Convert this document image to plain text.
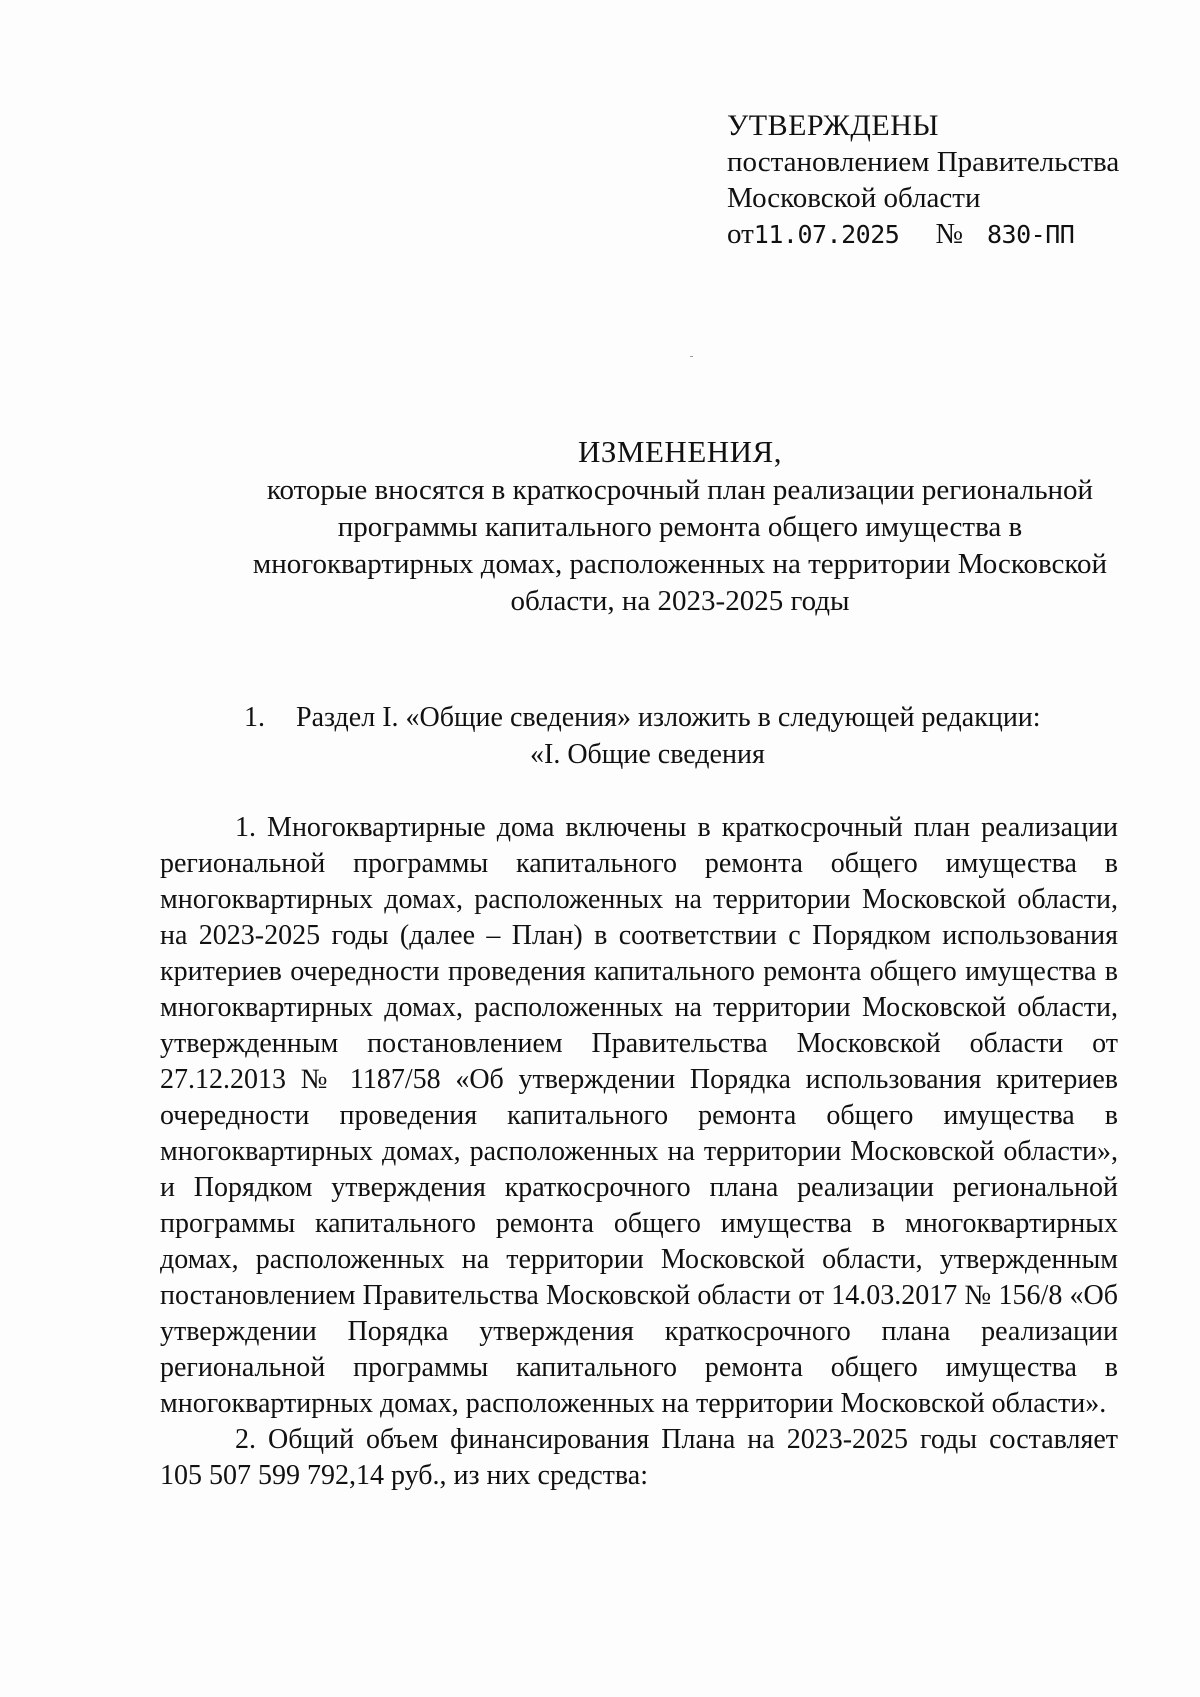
УТВЕРЖДЕНЫ
постановлением Правительства
Московской области
от11.07.2025 № 830-ПП
ИЗМЕНЕНИЯ,
которые вносятся в краткосрочный план реализации региональной
программы капитального ремонта общего имущества в
многоквартирных домах, расположенных на территории Московской
области, на 2023-2025 годы
1. Раздел I. «Общие сведения» изложить в следующей редакции:
«I. Общие сведения

1. Многоквартирные дома включены в краткосрочный план реализации региональной программы капитального ремонта общего имущества в многоквартирных домах, расположенных на территории Московской области, на 2023-2025 годы (далее – План) в соответствии с Порядком использования критериев очередности проведения капитального ремонта общего имущества в многоквартирных домах, расположенных на территории Московской области, утвержденным постановлением Правительства Московской области от 27.12.2013 № 1187/58 «Об утверждении Порядка использования критериев очередности проведения капитального ремонта общего имущества в многоквартирных домах, расположенных на территории Московской области», и Порядком утверждения краткосрочного плана реализации региональной программы капитального ремонта общего имущества в многоквартирных домах, расположенных на территории Московской области, утвержденным постановлением Правительства Московской области от 14.03.2017 № 156/8 «Об утверждении Порядка утверждения краткосрочного плана реализации региональной программы капитального ремонта общего имущества в многоквартирных домах, расположенных на территории Московской области».

2. Общий объем финансирования Плана на 2023-2025 годы составляет 105 507 599 792,14 руб., из них средства:
